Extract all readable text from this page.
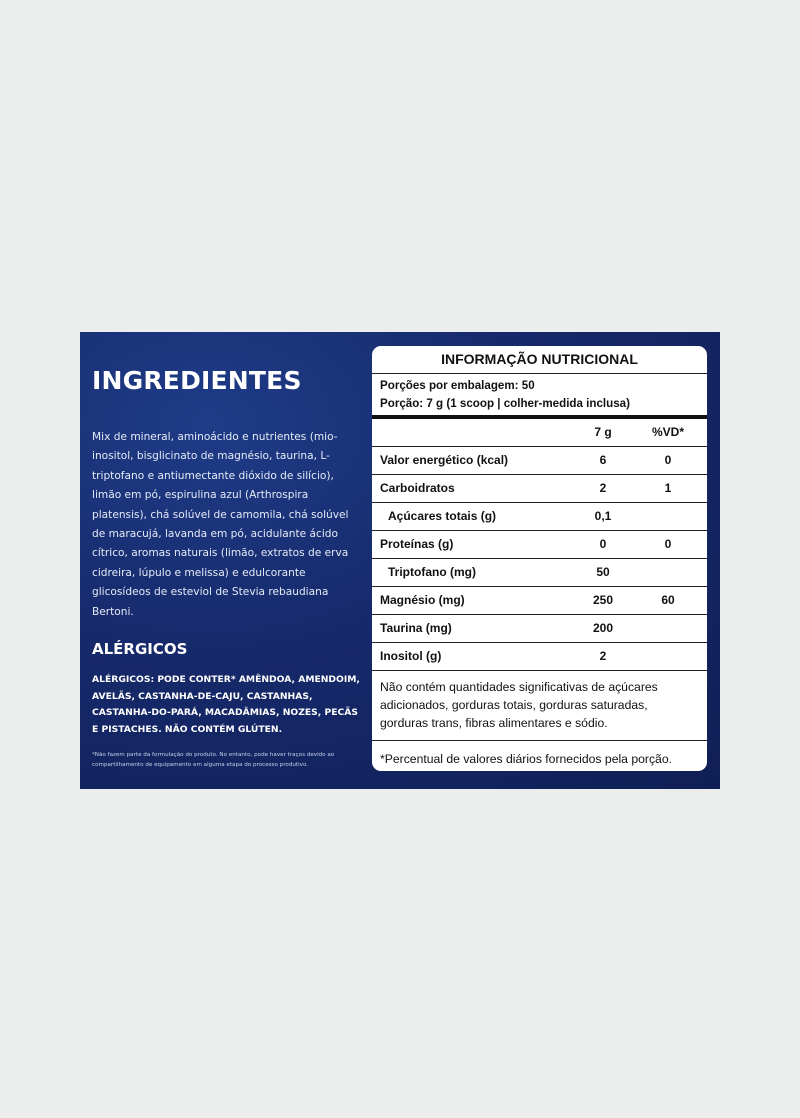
INGREDIENTES
Mix de mineral, aminoácido e nutrientes (mio-inositol, bisglicinato de magnésio, taurina, L-triptofano e antiumectante dióxido de silício), limão em pó, espirulina azul (Arthrospira platensis), chá solúvel de camomila, chá solúvel de maracujá, lavanda em pó, acidulante ácido cítrico, aromas naturais (limão, extratos de erva cidreira, lúpulo e melissa) e edulcorante glicosídeos de esteviol de Stevia rebaudiana Bertoni.
ALÉRGICOS
ALÉRGICOS: PODE CONTER* AMÊNDOA, AMENDOIM, AVELÃS, CASTANHA-DE-CAJU, CASTANHAS, CASTANHA-DO-PARÁ, MACADÂMIAS, NOZES, PECÃS E PISTACHES. NÃO CONTÉM GLÚTEN.
*Não fazem parte da formulação do produto. No entanto, pode haver traços devido ao compartilhamento de equipamento em alguma etapa do processo produtivo.
INFORMAÇÃO NUTRICIONAL
Porções por embalagem: 50
Porção: 7 g (1 scoop | colher-medida inclusa)
7 g	%VD*
Valor energético (kcal)	6	0
Carboidratos	2	1
Açúcares totais (g)	0,1
Proteínas (g)	0	0
Triptofano (mg)	50
Magnésio (mg)	250	60
Taurina (mg)	200
Inositol (g)	2
Não contém quantidades significativas de açúcares adicionados, gorduras totais, gorduras saturadas, gorduras trans, fibras alimentares e sódio.
*Percentual de valores diários fornecidos pela porção.
